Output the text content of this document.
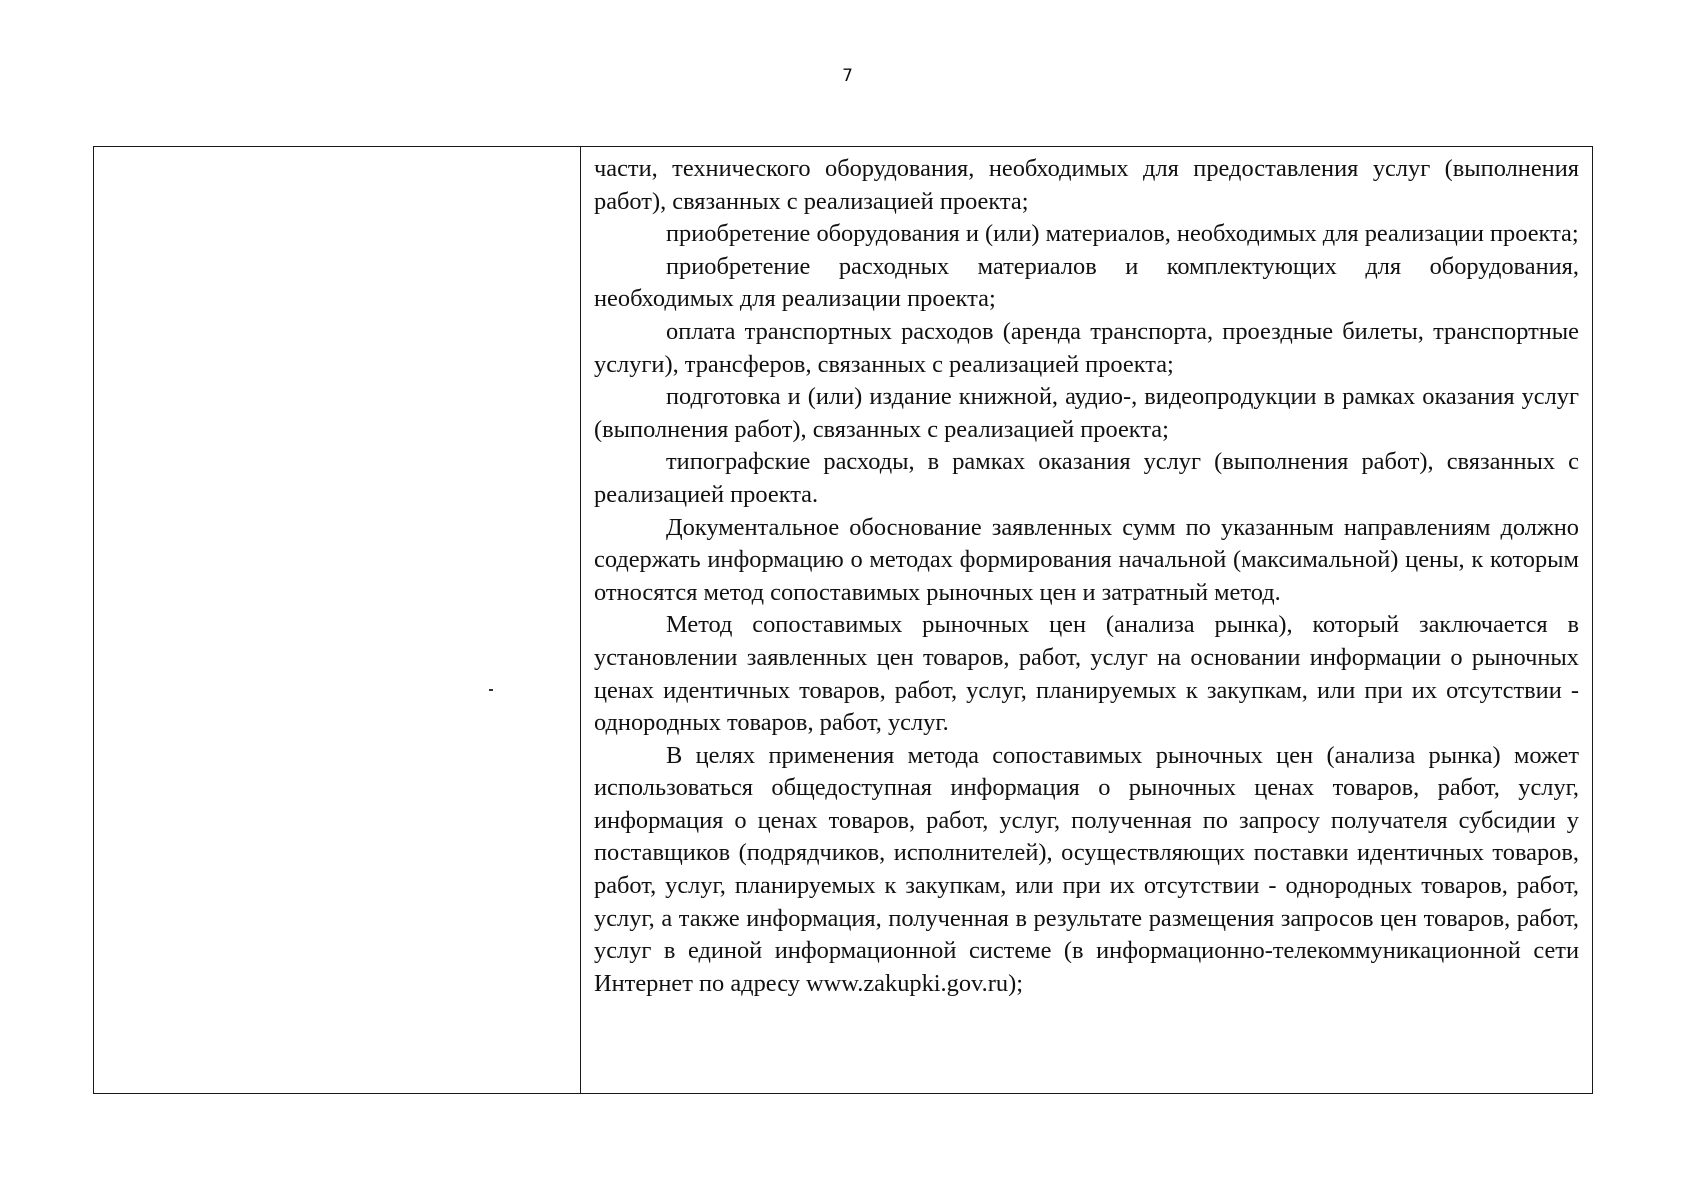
7

части, технического оборудования, необходимых для предоставления услуг (выполнения работ), связанных с реализацией проекта;

приобретение оборудования и (или) материалов, необходимых для реализации проекта;

приобретение расходных материалов и комплектующих для оборудования, необходимых для реализации проекта;

оплата транспортных расходов (аренда транспорта, проездные билеты, транспортные услуги), трансферов, связанных с реализацией проекта;

подготовка и (или) издание книжной, аудио-, видеопродукции в рамках оказания услуг (выполнения работ), связанных с реализацией проекта;

типографские расходы, в рамках оказания услуг (выполнения работ), связанных с реализацией проекта.

Документальное обоснование заявленных сумм по указанным направлениям должно содержать информацию о методах формирования начальной (максимальной) цены, к которым относятся метод сопоставимых рыночных цен и затратный метод.

Метод сопоставимых рыночных цен (анализа рынка), который заключается в установлении заявленных цен товаров, работ, услуг на основании информации о рыночных ценах идентичных товаров, работ, услуг, планируемых к закупкам, или при их отсутствии - однородных товаров, работ, услуг.

В целях применения метода сопоставимых рыночных цен (анализа рынка) может использоваться общедоступная информация о рыночных ценах товаров, работ, услуг, информация о ценах товаров, работ, услуг, полученная по запросу получателя субсидии у поставщиков (подрядчиков, исполнителей), осуществляющих поставки идентичных товаров, работ, услуг, планируемых к закупкам, или при их отсутствии - однородных товаров, работ, услуг, а также информация, полученная в результате размещения запросов цен товаров, работ, услуг в единой информационной системе (в информационно-телекоммуникационной сети Интернет по адресу www.zakupki.gov.ru);
